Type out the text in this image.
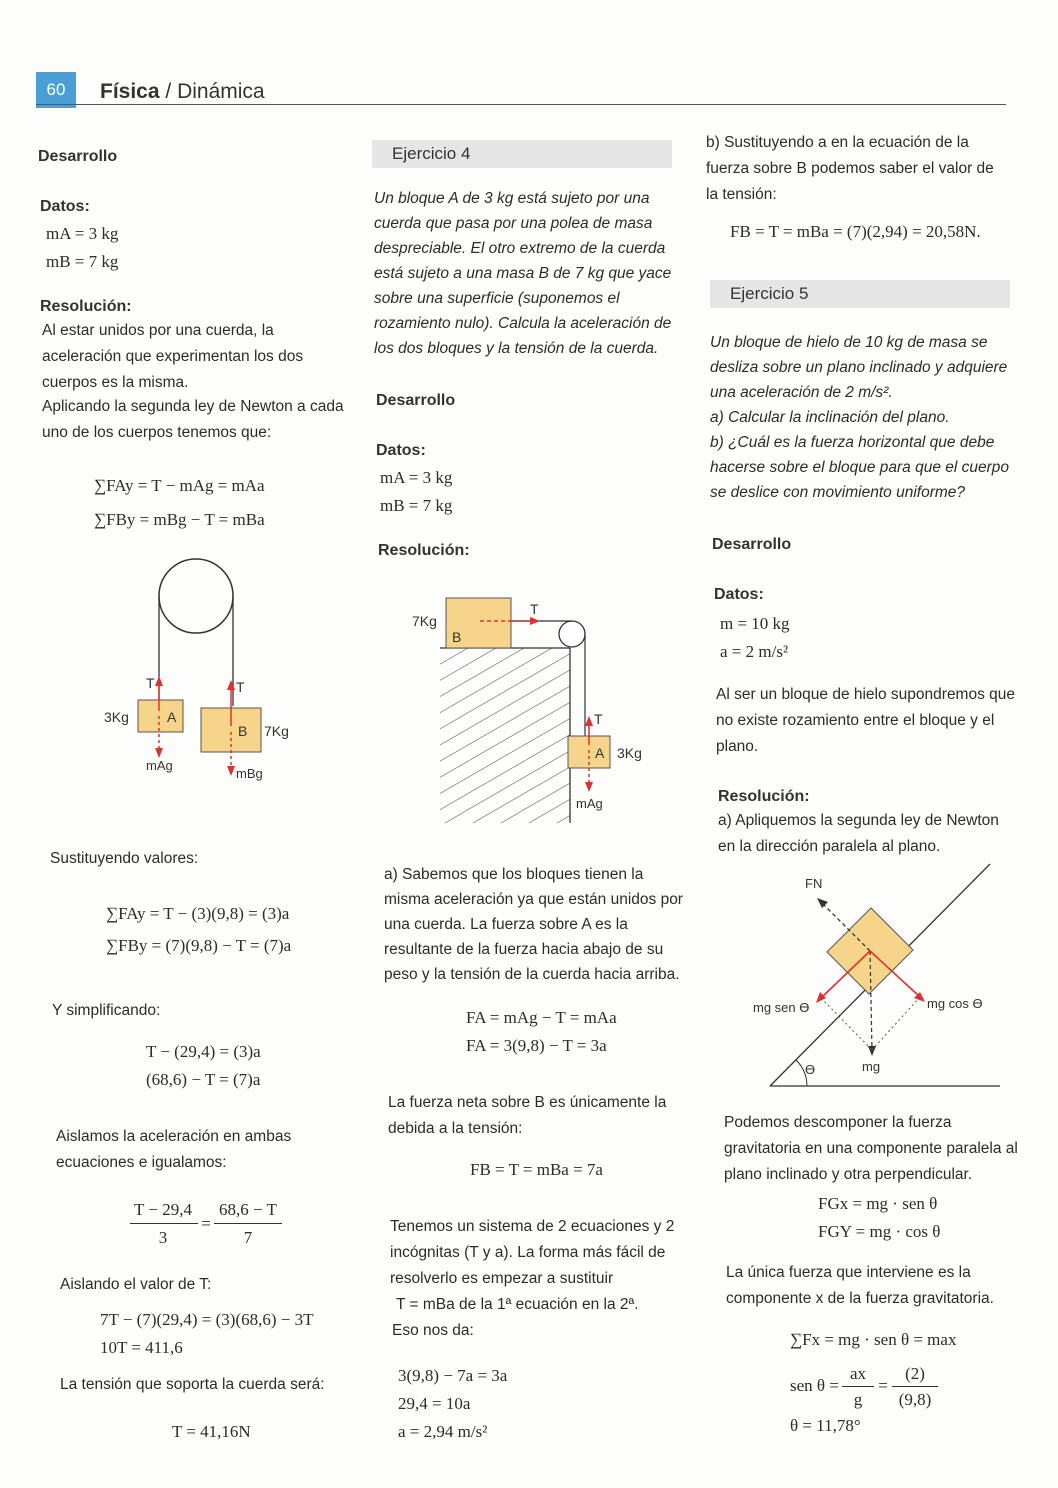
60	Física / Dinámica
Desarrollo
Datos:
mA = 3 kg
mB = 7 kg
Resolución:
Al estar unidos por una cuerda, la aceleración que experimentan los dos cuerpos es la misma.
Aplicando la segunda ley de Newton a cada uno de los cuerpos tenemos que:
∑FAy = T − mAg = mAa
∑FBy = mBg − T = mBa
T	T
3Kg	A
B 7Kg
mAg
mBg
Sustituyendo valores:
∑FAy = T − (3)(9,8) = (3)a
∑FBy = (7)(9,8) − T = (7)a
Y simplificando:
T − (29,4) = (3)a
(68,6) − T = (7)a
Aislamos la aceleración en ambas ecuaciones e igualamos:
T − 29,4
3
=
68,6 − T
7
Aislando el valor de T:
7T − (7)(29,4) = (3)(68,6) − 3T
10T = 411,6
La tensión que soporta la cuerda será:
T = 41,16N
Ejercicio 4
Un bloque A de 3 kg está sujeto por una cuerda que pasa por una polea de masa despreciable. El otro extremo de la cuerda está sujeto a una masa B de 7 kg que yace sobre una superficie (suponemos el rozamiento nulo). Calcula la aceleración de los dos bloques y la tensión de la cuerda.
Desarrollo
Datos:
mA = 3 kg
mB = 7 kg
Resolución:
7Kg
B
T
T
A 3Kg
mAg
a) Sabemos que los bloques tienen la misma aceleración ya que están unidos por una cuerda. La fuerza sobre A es la resultante de la fuerza hacia abajo de su peso y la tensión de la cuerda hacia arriba.
FA = mAg − T = mAa
FA = 3(9,8) − T = 3a
La fuerza neta sobre B es únicamente la debida a la tensión:
FB = T = mBa = 7a
Tenemos un sistema de 2 ecuaciones y 2 incógnitas (T y a). La forma más fácil de resolverlo es empezar a sustituir
T = mBa de la 1ª ecuación en la 2ª.
Eso nos da:
3(9,8) − 7a = 3a
29,4 = 10a
a = 2,94 m/s²
b) Sustituyendo a en la ecuación de la fuerza sobre B podemos saber el valor de la tensión:
FB = T = mBa = (7)(2,94) = 20,58N.
Ejercicio 5
Un bloque de hielo de 10 kg de masa se desliza sobre un plano inclinado y adquiere una aceleración de 2 m/s².
a) Calcular la inclinación del plano.
b) ¿Cuál es la fuerza horizontal que debe hacerse sobre el bloque para que el cuerpo se deslice con movimiento uniforme?
Desarrollo
Datos:
m = 10 kg
a = 2 m/s²
Al ser un bloque de hielo supondremos que no existe rozamiento entre el bloque y el plano.
Resolución:
a) Apliquemos la segunda ley de Newton en la dirección paralela al plano.
FN
mg sen ϴ	mg cos ϴ
mg
ϴ
Podemos descomponer la fuerza gravitatoria en una componente paralela al plano inclinado y otra perpendicular.
FGx = mg · sen θ
FGY = mg · cos θ
La única fuerza que interviene es la componente x de la fuerza gravitatoria.
∑Fx = mg · sen θ = max
sen θ =
ax
g
=
(2)
(9,8)
θ = 11,78°
